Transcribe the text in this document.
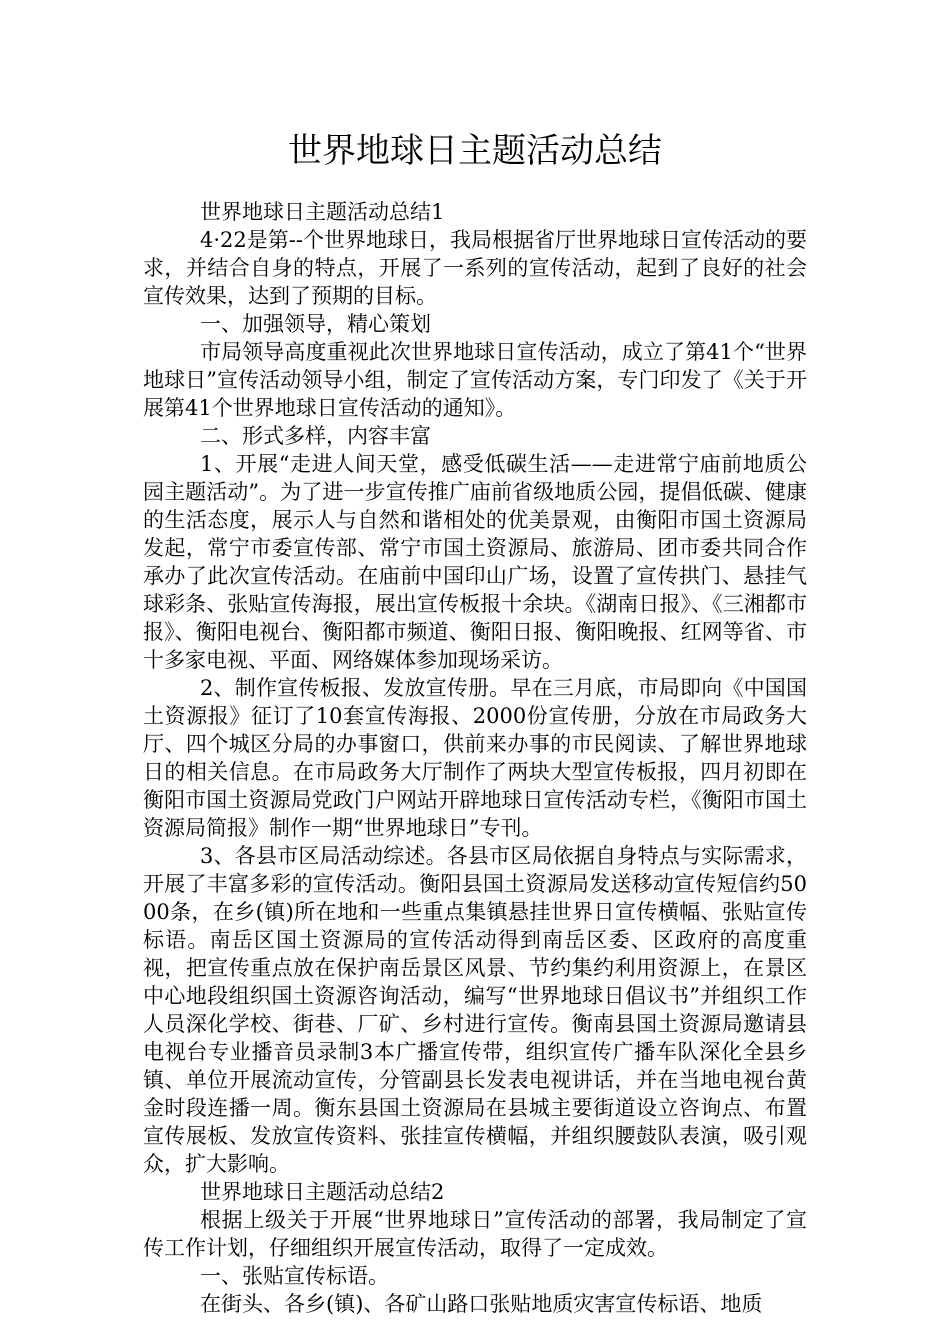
世界地球日主题活动总结

世界地球日主题活动总结1

4·22是第--个世界地球日，我局根据省厅世界地球日宣传活动的要求，并结合自身的特点，开展了一系列的宣传活动，起到了良好的社会宣传效果，达到了预期的目标。

一、加强领导，精心策划

市局领导高度重视此次世界地球日宣传活动，成立了第41个“世界地球日”宣传活动领导小组，制定了宣传活动方案，专门印发了《关于开展第41个世界地球日宣传活动的通知》。

二、形式多样，内容丰富

1、开展“走进人间天堂，感受低碳生活——走进常宁庙前地质公园主题活动”。为了进一步宣传推广庙前省级地质公园，提倡低碳、健康的生活态度，展示人与自然和谐相处的优美景观，由衡阳市国土资源局发起，常宁市委宣传部、常宁市国土资源局、旅游局、团市委共同合作承办了此次宣传活动。在庙前中国印山广场，设置了宣传拱门、悬挂气球彩条、张贴宣传海报，展出宣传板报十余块。《湖南日报》、《三湘都市报》、衡阳电视台、衡阳都市频道、衡阳日报、衡阳晚报、红网等省、市十多家电视、平面、网络媒体参加现场采访。

2、制作宣传板报、发放宣传册。早在三月底，市局即向《中国国土资源报》征订了10套宣传海报、2000份宣传册，分放在市局政务大厅、四个城区分局的办事窗口，供前来办事的市民阅读、了解世界地球日的相关信息。在市局政务大厅制作了两块大型宣传板报，四月初即在衡阳市国土资源局党政门户网站开辟地球日宣传活动专栏，《衡阳市国土资源局简报》制作一期“世界地球日”专刊。

3、各县市区局活动综述。各县市区局依据自身特点与实际需求，开展了丰富多彩的宣传活动。衡阳县国土资源局发送移动宣传短信约5000条，在乡(镇)所在地和一些重点集镇悬挂世界日宣传横幅、张贴宣传标语。南岳区国土资源局的宣传活动得到南岳区委、区政府的高度重视，把宣传重点放在保护南岳景区风景、节约集约利用资源上，在景区中心地段组织国土资源咨询活动，编写“世界地球日倡议书”并组织工作人员深化学校、街巷、厂矿、乡村进行宣传。衡南县国土资源局邀请县电视台专业播音员录制3本广播宣传带，组织宣传广播车队深化全县乡镇、单位开展流动宣传，分管副县长发表电视讲话，并在当地电视台黄金时段连播一周。衡东县国土资源局在县城主要街道设立咨询点、布置宣传展板、发放宣传资料、张挂宣传横幅，并组织腰鼓队表演，吸引观众，扩大影响。

世界地球日主题活动总结2

根据上级关于开展“世界地球日”宣传活动的部署，我局制定了宣传工作计划，仔细组织开展宣传活动，取得了一定成效。

一、张贴宣传标语。

在街头、各乡(镇)、各矿山路口张贴地质灾害宣传标语、地质
